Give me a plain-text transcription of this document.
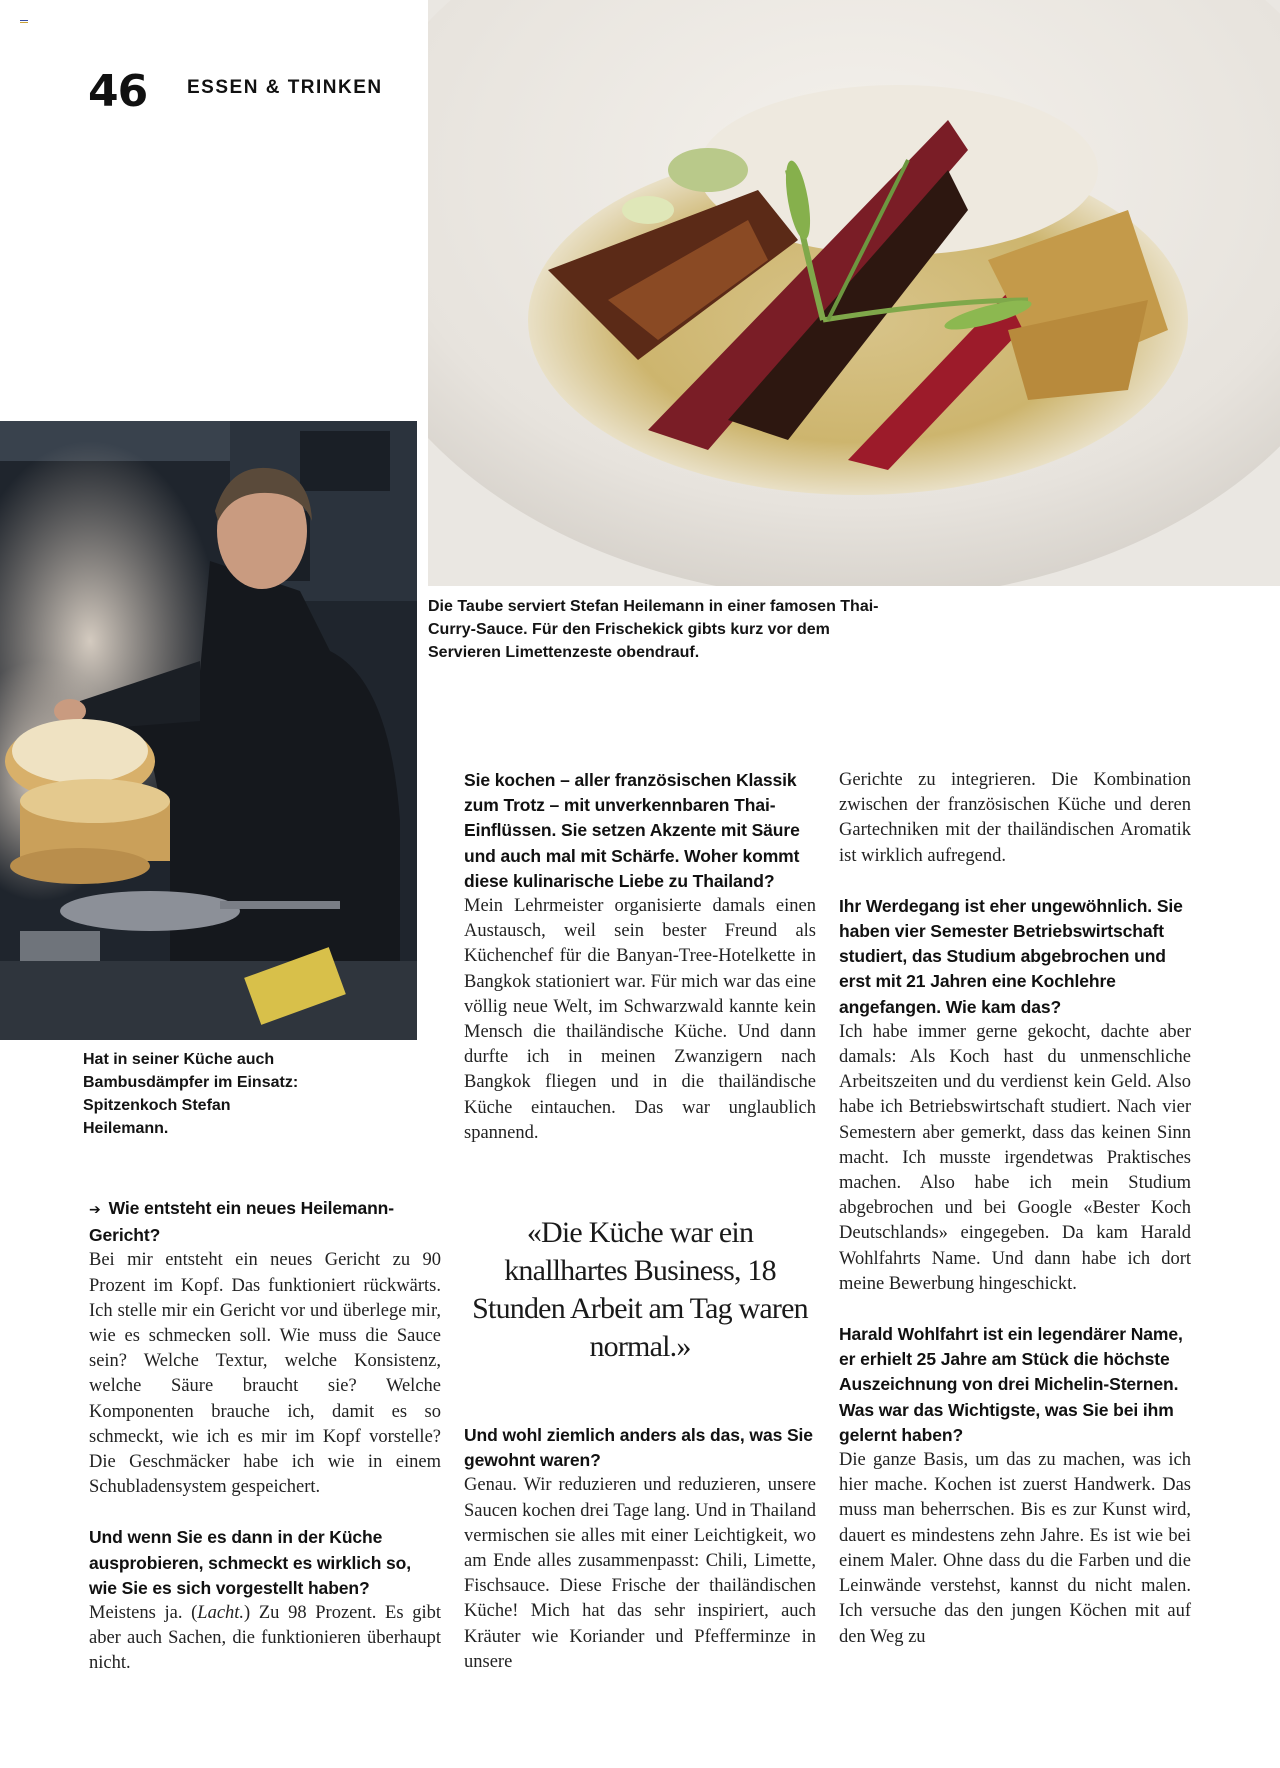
46 ESSEN & TRINKEN
Die Taube serviert Stefan Heilemann in einer famosen Thai-Curry-Sauce. Für den Frischekick gibts kurz vor dem Servieren Limettenzeste obendrauf.
Hat in seiner Küche auch Bambusdämpfer im Einsatz: Spitzenkoch Stefan Heilemann.
➔ Wie entsteht ein neues Heilemann-Gericht?

Bei mir entsteht ein neues Gericht zu 90 Prozent im Kopf. Das funktioniert rückwärts. Ich stelle mir ein Gericht vor und überlege mir, wie es schmecken soll. Wie muss die Sauce sein? Welche Textur, welche Konsistenz, welche Säure braucht sie? Welche Komponenten brauche ich, damit es so schmeckt, wie ich es mir im Kopf vorstelle? Die Geschmäcker habe ich wie in einem Schubladensystem gespeichert.

Und wenn Sie es dann in der Küche ausprobieren, schmeckt es wirklich so, wie Sie es sich vorgestellt haben?

Meistens ja. (Lacht.) Zu 98 Prozent. Es gibt aber auch Sachen, die funktionieren überhaupt nicht.

Sie kochen – aller französischen Klassik zum Trotz – mit unverkennbaren Thai-Einflüssen. Sie setzen Akzente mit Säure und auch mal mit Schärfe. Woher kommt diese kulinarische Liebe zu Thailand?

Mein Lehrmeister organisierte damals einen Austausch, weil sein bester Freund als Küchenchef für die Banyan-Tree-Hotelkette in Bangkok stationiert war. Für mich war das eine völlig neue Welt, im Schwarzwald kannte kein Mensch die thailändische Küche. Und dann durfte ich in meinen Zwanzigern nach Bangkok fliegen und in die thailändische Küche eintauchen. Das war unglaublich spannend.

«Die Küche war ein knallhartes Business, 18 Stunden Arbeit am Tag waren normal.»
Und wohl ziemlich anders als das, was Sie gewohnt waren?

Genau. Wir reduzieren und reduzieren, unsere Saucen kochen drei Tage lang. Und in Thailand vermischen sie alles mit einer Leichtigkeit, wo am Ende alles zusammenpasst: Chili, Limette, Fischsauce. Diese Frische der thailändischen Küche! Mich hat das sehr inspiriert, auch Kräuter wie Koriander und Pfefferminze in unsere

Gerichte zu integrieren. Die Kombination zwischen der französischen Küche und deren Gartechniken mit der thailändischen Aromatik ist wirklich aufregend.

Ihr Werdegang ist eher ungewöhnlich. Sie haben vier Semester Betriebswirtschaft studiert, das Studium abgebrochen und erst mit 21 Jahren eine Kochlehre angefangen. Wie kam das?

Ich habe immer gerne gekocht, dachte aber damals: Als Koch hast du unmenschliche Arbeitszeiten und du verdienst kein Geld. Also habe ich Betriebswirtschaft studiert. Nach vier Semestern aber gemerkt, dass das keinen Sinn macht. Ich musste irgendetwas Praktisches machen. Also habe ich mein Studium abgebrochen und bei Google «Bester Koch Deutschlands» eingegeben. Da kam Harald Wohlfahrts Name. Und dann habe ich dort meine Bewerbung hingeschickt.

Harald Wohlfahrt ist ein legendärer Name, er erhielt 25 Jahre am Stück die höchste Auszeichnung von drei Michelin-Sternen. Was war das Wichtigste, was Sie bei ihm gelernt haben?

Die ganze Basis, um das zu machen, was ich hier mache. Kochen ist zuerst Handwerk. Das muss man beherrschen. Bis es zur Kunst wird, dauert es mindestens zehn Jahre. Es ist wie bei einem Maler. Ohne dass du die Farben und die Leinwände verstehst, kannst du nicht malen. Ich versuche das den jungen Köchen mit auf den Weg zu
